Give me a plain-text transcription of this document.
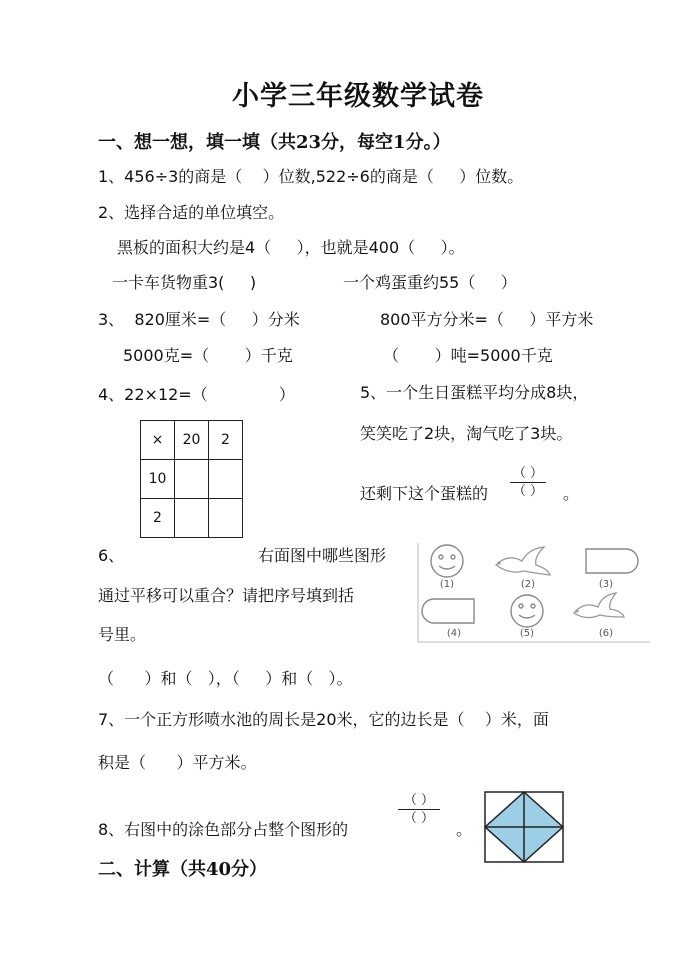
小学三年级数学试卷
一、想一想，填一填（共23分，每空1分。）
1、456÷3的商是（    ）位数,522÷6的商是（     ）位数。
2、选择合适的单位填空。
黑板的面积大约是4（     ），也就是400（     ）。
一卡车货物重3(     )	一个鸡蛋重约55（     ）
3、  820厘米=（     ）分米	800平方分米=（     ）平方米
5000克=（       ）千克	（       ）吨=5000千克
4、22×12=（              ）
×	20	2
10		
2		
5、一个生日蛋糕平均分成8块，
笑笑吃了2块，淘气吃了3块。
还剩下这个蛋糕的
（ ）
（ ） 。
6、	右面图中哪些图形
通过平移可以重合？请把序号填到括
号里。
（      ）和（   ），（     ）和（   ）。
(1)	(2)	(3)
(4)	(5)	(6)
7、一个正方形喷水池的周长是20米，它的边长是（    ）米，面
积是（      ）平方米。
8、右图中的涂色部分占整个图形的
（ ）
（ ）
。
二、计算（共40分）
